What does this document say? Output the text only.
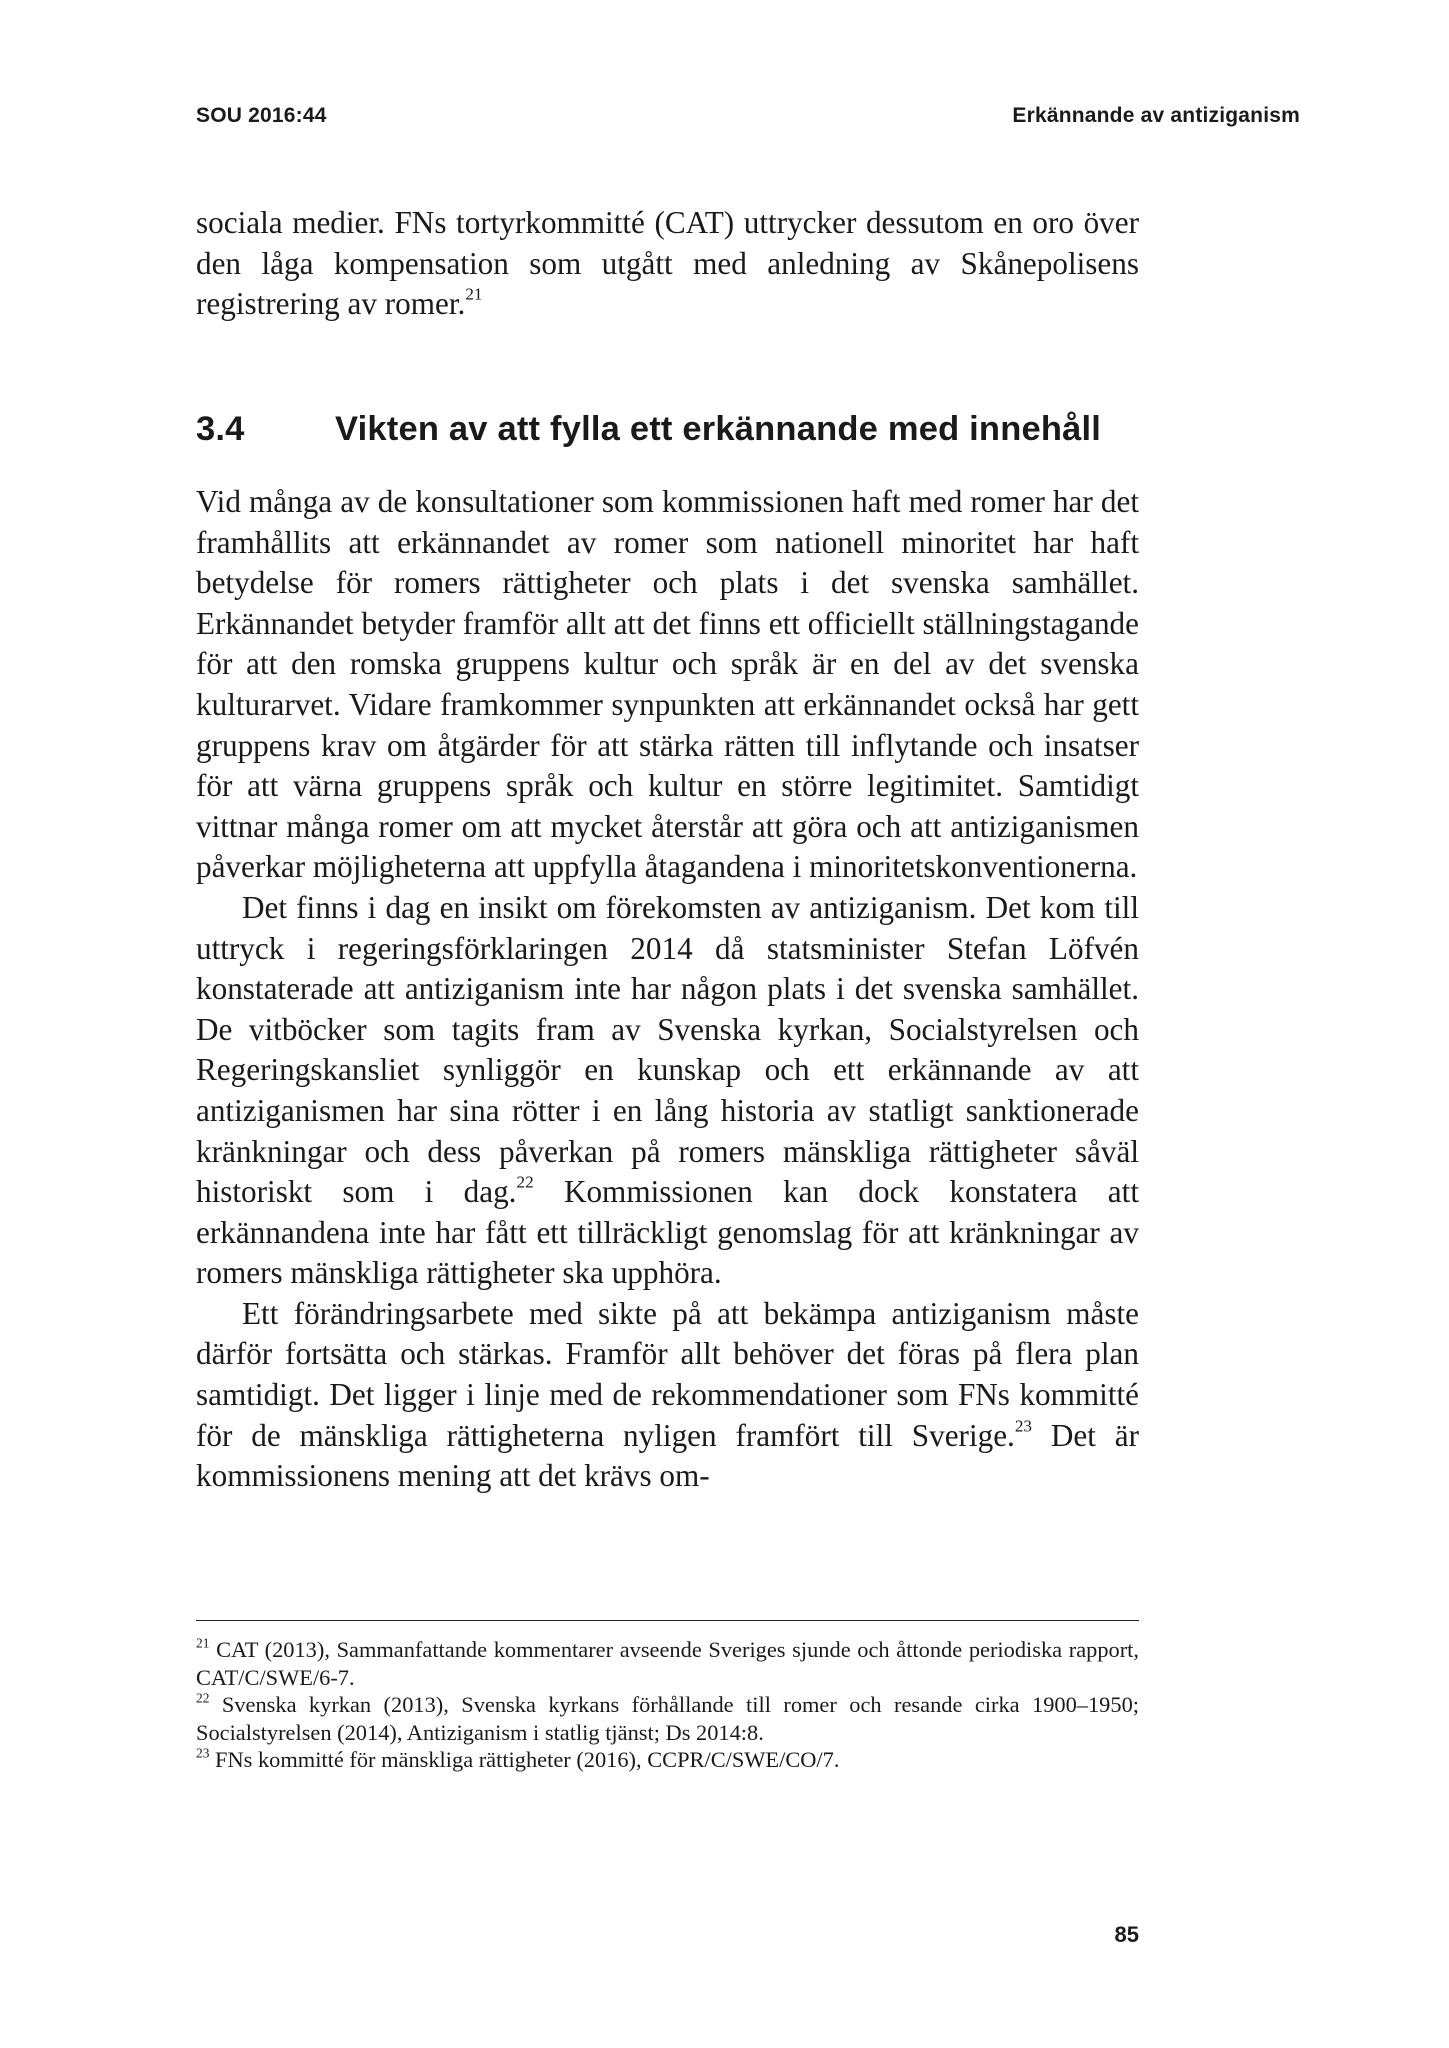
SOU 2016:44	Erkännande av antiziganism

sociala medier. FNs tortyrkommitté (CAT) uttrycker dessutom en oro över den låga kompensation som utgått med anledning av Skånepolisens registrering av romer.$^{21}$

3.4	Vikten av att fylla ett erkännande med innehåll

Vid många av de konsultationer som kommissionen haft med romer har det framhållits att erkännandet av romer som nationell minoritet har haft betydelse för romers rättigheter och plats i det svenska samhället. Erkännandet betyder framför allt att det finns ett officiellt ställningstagande för att den romska gruppens kultur och språk är en del av det svenska kulturarvet. Vidare framkommer synpunkten att erkännandet också har gett gruppens krav om åtgärder för att stärka rätten till inflytande och insatser för att värna gruppens språk och kultur en större legitimitet. Samtidigt vittnar många romer om att mycket återstår att göra och att antiziganismen påverkar möjligheterna att uppfylla åtagandena i minoritetskonventionerna.

Det finns i dag en insikt om förekomsten av antiziganism. Det kom till uttryck i regeringsförklaringen 2014 då statsminister Stefan Löfvén konstaterade att antiziganism inte har någon plats i det svenska samhället. De vitböcker som tagits fram av Svenska kyrkan, Socialstyrelsen och Regeringskansliet synliggör en kunskap och ett erkännande av att antiziganismen har sina rötter i en lång historia av statligt sanktionerade kränkningar och dess påverkan på romers mänskliga rättigheter såväl historiskt som i dag.$^{22}$ Kommissionen kan dock konstatera att erkännandena inte har fått ett tillräckligt genomslag för att kränkningar av romers mänskliga rättigheter ska upphöra.

Ett förändringsarbete med sikte på att bekämpa antiziganism måste därför fortsätta och stärkas. Framför allt behöver det föras på flera plan samtidigt. Det ligger i linje med de rekommendationer som FNs kommitté för de mänskliga rättigheterna nyligen framfört till Sverige.$^{23}$ Det är kommissionens mening att det krävs om-

$^{21}$ CAT (2013), Sammanfattande kommentarer avseende Sveriges sjunde och åttonde periodiska rapport, CAT/C/SWE/6-7.

$^{22}$ Svenska kyrkan (2013), Svenska kyrkans förhållande till romer och resande cirka 1900–1950; Socialstyrelsen (2014), Antiziganism i statlig tjänst; Ds 2014:8.

$^{23}$ FNs kommitté för mänskliga rättigheter (2016), CCPR/C/SWE/CO/7.

85
